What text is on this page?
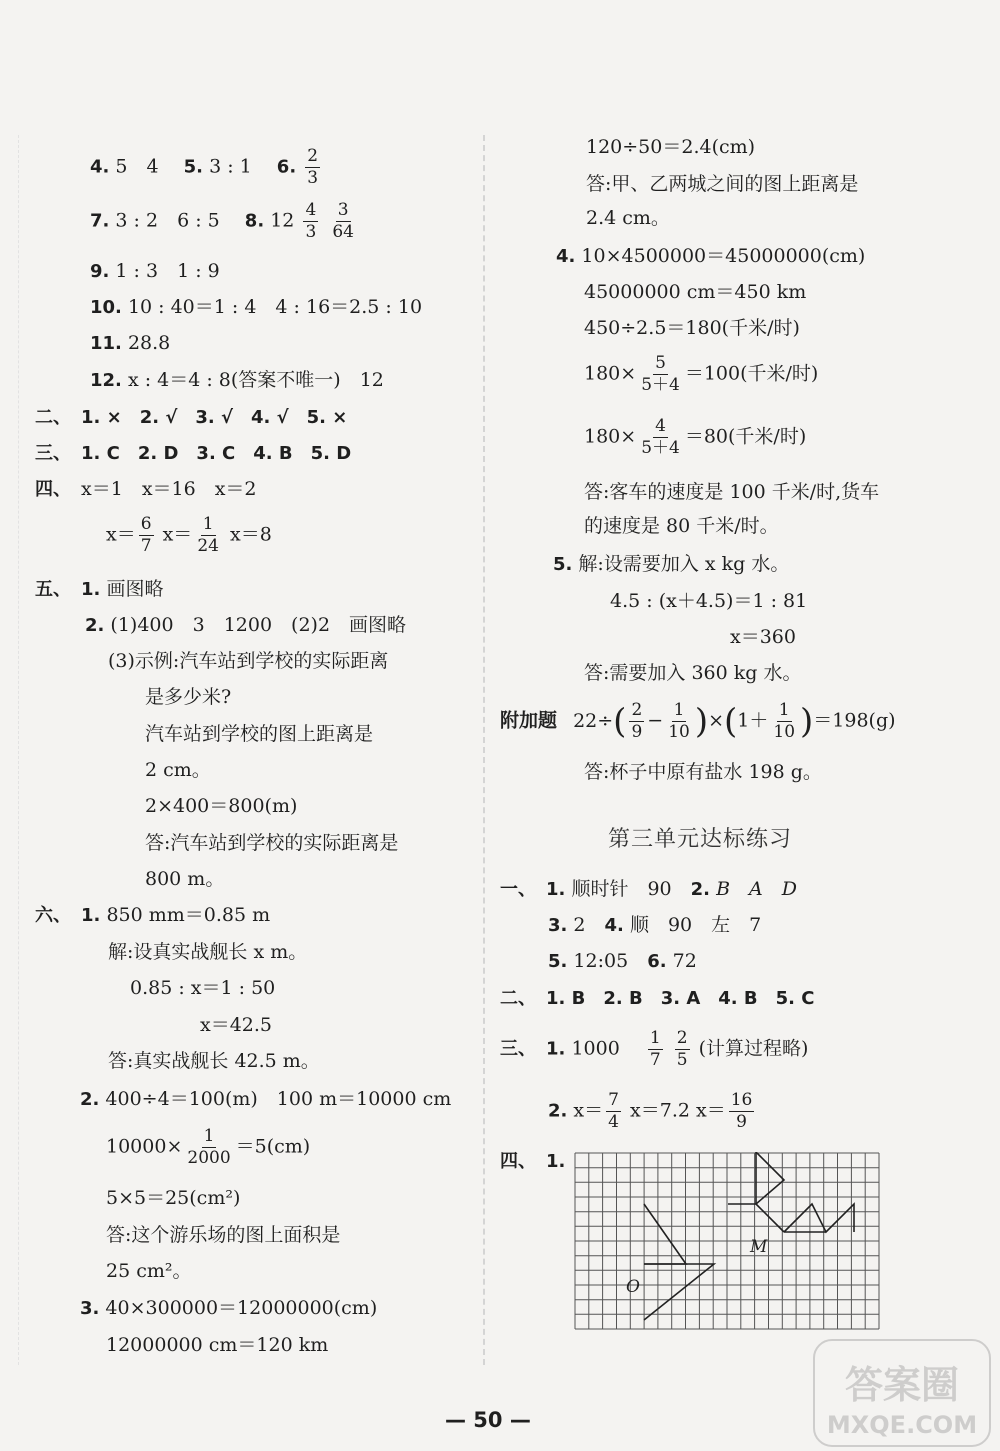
4. 5　4　 5. 3 : 1　 6. $\frac{2}{3}$
7. 3 : 2　6 : 5　 8. $12 \frac{4}{3}$
$\frac{3}{64}$
9. 1 : 3　1 : 9
10. 10 : 40＝1 : 4　4 : 16＝2.5 : 10
11. 28.8
12. x : 4＝4 : 8(答案不唯一)　12
二、　 1. ×　2. √　3. √　4. √　5. ×
三、　 1. C　2. D　3. C　4. B　5. D
四、　 x＝1　x＝16　x＝2
$x= \frac{6}{7} x= \frac{1}{24} x=8$
五、　 1. 画图略
2. (1)400　3　1200　(2)2　画图略
(3)示例:汽车站到学校的实际距离
是多少米?
汽车站到学校的图上距离是
2 cm。
2×400＝800(m)
答:汽车站到学校的实际距离是
800 m。
六、　 1. 850 mm＝0.85 m
解:设真实战舰长 x m。
0.85 : x＝1 : 50
x＝42.5
答:真实战舰长 42.5 m。
2. 400÷4＝100(m)　100 m＝10000 cm
$10000\times \frac{1}{2000} =5(cm)$
5×5＝25(cm²)
答:这个游乐场的图上面积是
25 cm²。
3. 40×300000＝12000000(cm)
12000000 cm＝120 km
120÷50＝2.4(cm)
答:甲、乙两城之间的图上距离是
2.4 cm。
4. 10×4500000＝45000000(cm)
45000000 cm＝450 km
450÷2.5＝180(千米/时)
$180\times \frac{5}{5+4} =100$(千米/时)
$180\times \frac{4}{5+4} =80$(千米/时)
答:客车的速度是 100 千米/时,货车
的速度是 80 千米/时。
5. 解:设需要加入 x kg 水。
4.5 : (x＋4.5)＝1 : 81
x＝360
答:需要加入 360 kg 水。
附加题 $22\div( \frac{2}{9} - \frac{1}{10} )\times(1+ \frac{1}{10} )=198(g)$
答:杯子中原有盐水 198 g。
第三单元达标练习
一、　 1. 顺时针　90　 2. B　A　D
3. 2　 4. 顺　90　左　7
5. 12:05　 6. 72
二、　 1. B　2. B　3. A　4. B　5. C
三、　 1. 1000　 $\frac{1}{7}$
$\frac{2}{5}$ (计算过程略)
2. $x= \frac{7}{4} x=7.2$ $x= \frac{16}{9}$
四、　 1.
M
O
— 50 —
答案圈
MXQE.COM
